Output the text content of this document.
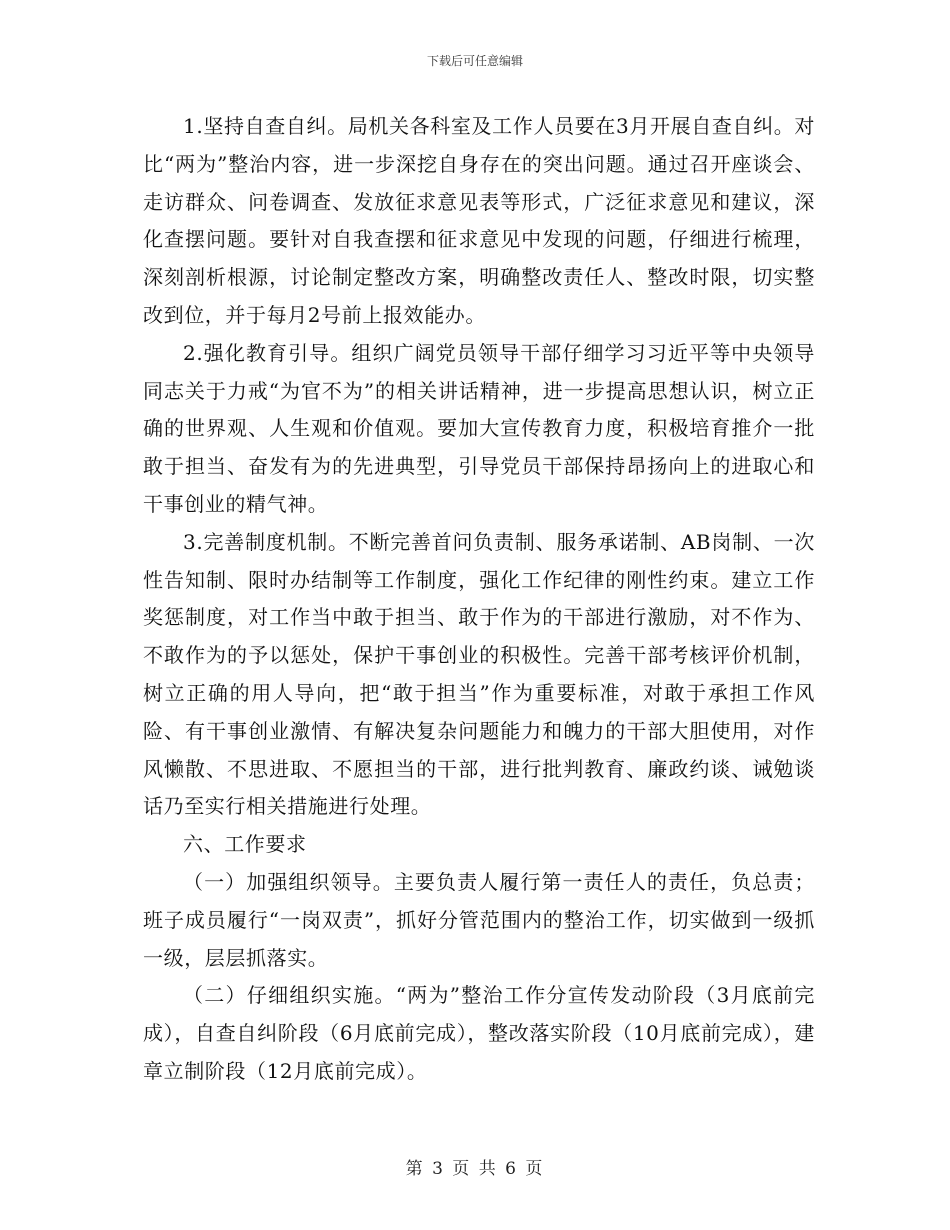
下载后可任意编辑

1.坚持自查自纠。局机关各科室及工作人员要在3月开展自查自纠。对比“两为”整治内容，进一步深挖自身存在的突出问题。通过召开座谈会、走访群众、问卷调查、发放征求意见表等形式，广泛征求意见和建议，深化查摆问题。要针对自我查摆和征求意见中发现的问题，仔细进行梳理，深刻剖析根源，讨论制定整改方案，明确整改责任人、整改时限，切实整改到位，并于每月2号前上报效能办。

2.强化教育引导。组织广阔党员领导干部仔细学习习近平等中央领导同志关于力戒“为官不为”的相关讲话精神，进一步提高思想认识，树立正确的世界观、人生观和价值观。要加大宣传教育力度，积极培育推介一批敢于担当、奋发有为的先进典型，引导党员干部保持昂扬向上的进取心和干事创业的精气神。

3.完善制度机制。不断完善首问负责制、服务承诺制、AB岗制、一次性告知制、限时办结制等工作制度，强化工作纪律的刚性约束。建立工作奖惩制度，对工作当中敢于担当、敢于作为的干部进行激励，对不作为、不敢作为的予以惩处，保护干事创业的积极性。完善干部考核评价机制，树立正确的用人导向，把“敢于担当”作为重要标准，对敢于承担工作风险、有干事创业激情、有解决复杂问题能力和魄力的干部大胆使用，对作风懒散、不思进取、不愿担当的干部，进行批判教育、廉政约谈、诫勉谈话乃至实行相关措施进行处理。

六、工作要求

（一）加强组织领导。主要负责人履行第一责任人的责任，负总责；班子成员履行“一岗双责”，抓好分管范围内的整治工作，切实做到一级抓一级，层层抓落实。

（二）仔细组织实施。“两为”整治工作分宣传发动阶段（3月底前完成），自查自纠阶段（6月底前完成），整改落实阶段（10月底前完成），建章立制阶段（12月底前完成）。

第 3 页 共 6 页
